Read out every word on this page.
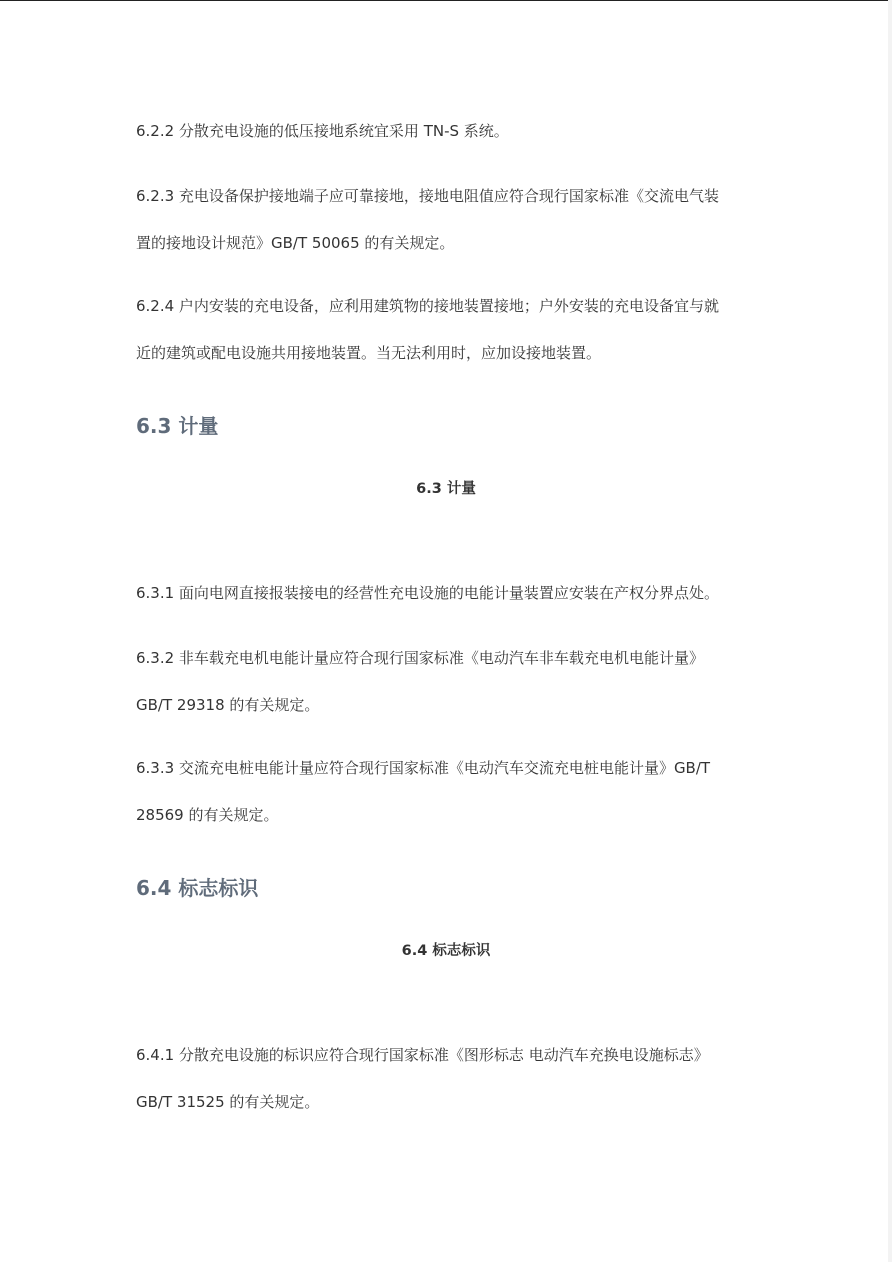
6.2.2 分散充电设施的低压接地系统宜采用 TN-S 系统。

6.2.3 充电设备保护接地端子应可靠接地，接地电阻值应符合现行国家标准《交流电气装
置的接地设计规范》GB/T 50065 的有关规定。

6.2.4 户内安装的充电设备，应利用建筑物的接地装置接地；户外安装的充电设备宜与就
近的建筑或配电设施共用接地装置。当无法利用时，应加设接地装置。

6.3 计量
6.3 计量

6.3.1 面向电网直接报装接电的经营性充电设施的电能计量装置应安装在产权分界点处。

6.3.2 非车载充电机电能计量应符合现行国家标准《电动汽车非车载充电机电能计量》
GB/T 29318 的有关规定。

6.3.3 交流充电桩电能计量应符合现行国家标准《电动汽车交流充电桩电能计量》GB/T
28569 的有关规定。

6.4 标志标识
6.4 标志标识

6.4.1 分散充电设施的标识应符合现行国家标准《图形标志 电动汽车充换电设施标志》
GB/T 31525 的有关规定。
